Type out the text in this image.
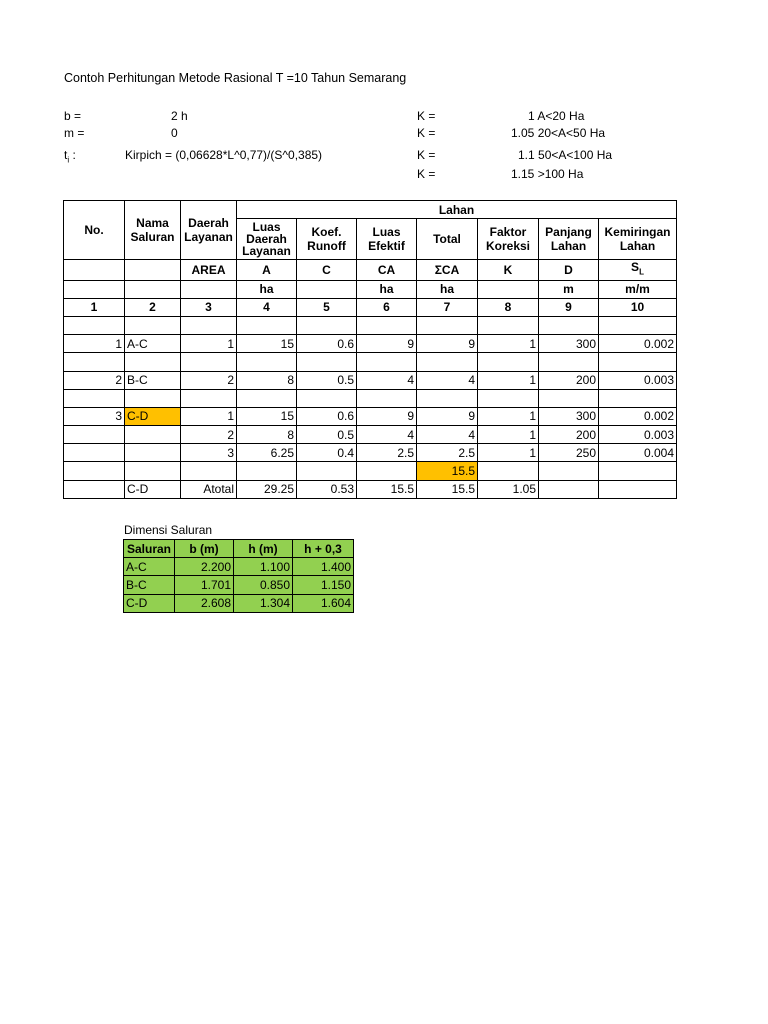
Contoh Perhitungan Metode Rasional T =10 Tahun Semarang
b =	2 h
m =	0
$t_i$ :	Kirpich = (0,06628*L^0,77)/(S^0,385)
K =	1 A<20 Ha
K =	1.05 20<A<50 Ha
K =	1.1 50<A<100 Ha
K =	1.15 >100 Ha
No.	Nama Saluran	Daerah Layanan	Lahan						
			Luas Daerah Layanan	Koef. Runoff	Luas Efektif	Total	Faktor Koreksi	Panjang Lahan	Kemiringan Lahan
		AREA	A	C	CA	ΣCA	K	D	$S_L$
			ha		ha	ha		m	m/m
1	2	3	4	5	6	7	8	9	10

1	A-C	1	15	0.6	9	9	1	300	0.002

2	B-C	2	8	0.5	4	4	1	200	0.003

3	C-D	1	15	0.6	9	9	1	300	0.002
		2	8	0.5	4	4	1	200	0.003
		3	6.25	0.4	2.5	2.5	1	250	0.004
						15.5			
	C-D	Atotal	29.25	0.53	15.5	15.5	1.05		
Dimensi Saluran
Saluran	b (m)	h (m)	h + 0,3
A-C	2.200	1.100	1.400
B-C	1.701	0.850	1.150
C-D	2.608	1.304	1.604
